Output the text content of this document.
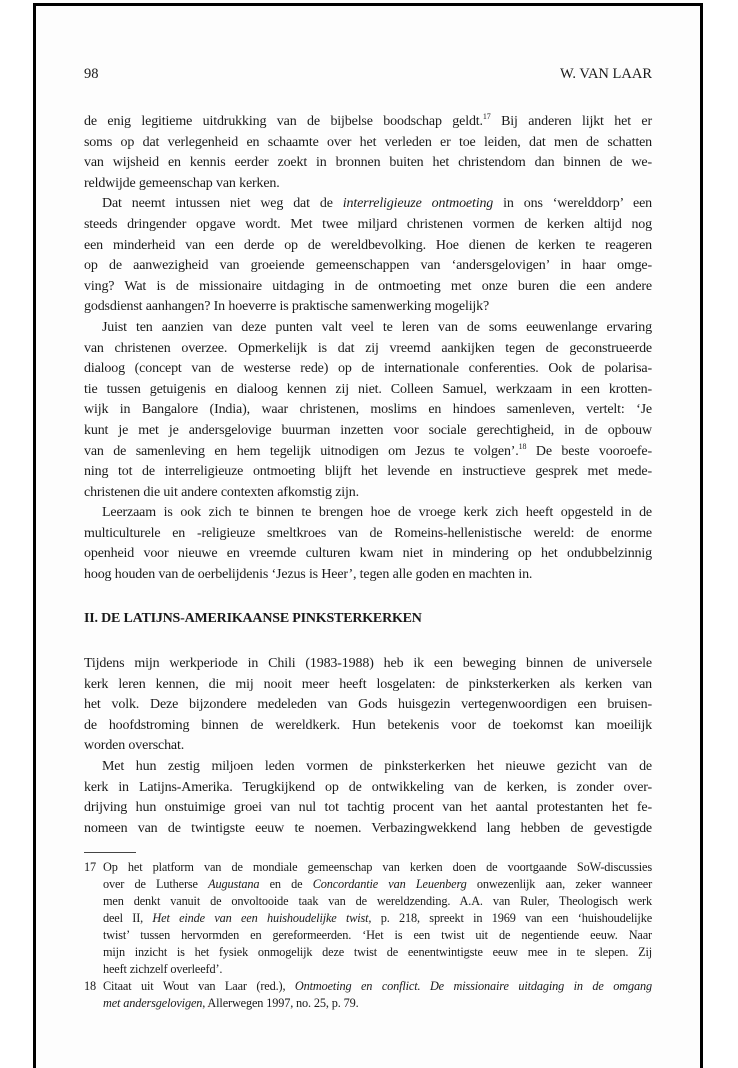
98	W. VAN LAAR
de enig legitieme uitdrukking van de bijbelse boodschap geldt.$^{17}$ Bij anderen lijkt het er
soms op dat verlegenheid en schaamte over het verleden er toe leiden, dat men de schatten
van wijsheid en kennis eerder zoekt in bronnen buiten het christendom dan binnen de we-
reldwijde gemeenschap van kerken.
Dat neemt intussen niet weg dat de interreligieuze ontmoeting in ons ‘werelddorp’ een
steeds dringender opgave wordt. Met twee miljard christenen vormen de kerken altijd nog
een minderheid van een derde op de wereldbevolking. Hoe dienen de kerken te reageren
op de aanwezigheid van groeiende gemeenschappen van ‘andersgelovigen’ in haar omge-
ving? Wat is de missionaire uitdaging in de ontmoeting met onze buren die een andere
godsdienst aanhangen? In hoeverre is praktische samenwerking mogelijk?
Juist ten aanzien van deze punten valt veel te leren van de soms eeuwenlange ervaring
van christenen overzee. Opmerkelijk is dat zij vreemd aankijken tegen de geconstrueerde
dialoog (concept van de westerse rede) op de internationale conferenties. Ook de polarisa-
tie tussen getuigenis en dialoog kennen zij niet. Colleen Samuel, werkzaam in een krotten-
wijk in Bangalore (India), waar christenen, moslims en hindoes samenleven, vertelt: ‘Je
kunt je met je andersgelovige buurman inzetten voor sociale gerechtigheid, in de opbouw
van de samenleving en hem tegelijk uitnodigen om Jezus te volgen’.$^{18}$ De beste vooroefe-
ning tot de interreligieuze ontmoeting blijft het levende en instructieve gesprek met mede-
christenen die uit andere contexten afkomstig zijn.
Leerzaam is ook zich te binnen te brengen hoe de vroege kerk zich heeft opgesteld in de
multiculturele en -religieuze smeltkroes van de Romeins-hellenistische wereld: de enorme
openheid voor nieuwe en vreemde culturen kwam niet in mindering op het ondubbelzinnig
hoog houden van de oerbelijdenis ‘Jezus is Heer’, tegen alle goden en machten in.
II. DE LATIJNS-AMERIKAANSE PINKSTERKERKEN
Tijdens mijn werkperiode in Chili (1983-1988) heb ik een beweging binnen de universele
kerk leren kennen, die mij nooit meer heeft losgelaten: de pinksterkerken als kerken van
het volk. Deze bijzondere medeleden van Gods huisgezin vertegenwoordigen een bruisen-
de hoofdstroming binnen de wereldkerk. Hun betekenis voor de toekomst kan moeilijk
worden overschat.
Met hun zestig miljoen leden vormen de pinksterkerken het nieuwe gezicht van de
kerk in Latijns-Amerika. Terugkijkend op de ontwikkeling van de kerken, is zonder over-
drijving hun onstuimige groei van nul tot tachtig procent van het aantal protestanten het fe-
nomeen van de twintigste eeuw te noemen. Verbazingwekkend lang hebben de gevestigde
17 Op het platform van de mondiale gemeenschap van kerken doen de voortgaande SoW-discussies
over de Lutherse Augustana en de Concordantie van Leuenberg onwezenlijk aan, zeker wanneer
men denkt vanuit de onvoltooide taak van de wereldzending. A.A. van Ruler, Theologisch werk
deel II, Het einde van een huishoudelijke twist, p. 218, spreekt in 1969 van een ‘huishoudelijke
twist’ tussen hervormden en gereformeerden. ‘Het is een twist uit de negentiende eeuw. Naar
mijn inzicht is het fysiek onmogelijk deze twist de eenentwintigste eeuw mee in te slepen. Zij
heeft zichzelf overleefd’.
18 Citaat uit Wout van Laar (red.), Ontmoeting en conflict. De missionaire uitdaging in de omgang
met andersgelovigen, Allerwegen 1997, no. 25, p. 79.
